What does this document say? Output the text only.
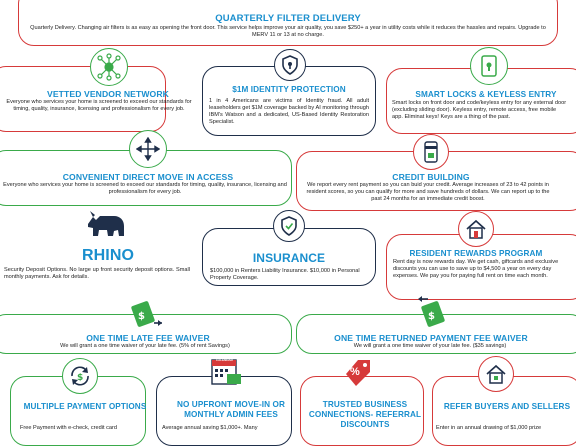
QUARTERLY FILTER DELIVERY
Quarterly Delivery. Changing air filters is as easy as opening the front door. This service helps improve your air quality, you save $250+ a year in utility costs while it reduces the hassles and repairs. Upgrade to MERV 11 or 13 at no charge.
VETTED VENDOR NETWORK
Everyone who services your home is screened to exceed our standards for timing, quality, insurance, licensing and professionalism for every job.
$1M IDENTITY PROTECTION
1 in 4 Americans are victims of Identity fraud. All adult leaseholders get $1M coverage backed by AI monitoring through IBM's Watson and a dedicated, US-Based Identity Restoration Specialist.
SMART LOCKS & KEYLESS ENTRY
Smart locks on front door and code/keyless entry for any external door (excluding sliding door). Keyless entry, remote access, free mobile app. Eliminat keys! Keys are a thing of the past.
CONVENIENT DIRECT MOVE IN ACCESS
Everyone who services your home is screened to exceed our standards for timing, quality, insurance, licensing and professionalism for every job.
CREDIT BUILDING
We report every rent payment so you can buid your credit. Average increases of 23 to 42 points in resident scores, so you can qualify for more and save hundreds of dollars. We can report up to the past 24 months for an immediate credit boost.
RHINO
Security Deposit Options. No large up front security deposit options. Small monthly payments. Ask for details.
INSURANCE
$100,000 in Renters Liability Insurance. $10,000 in Personal Property Coverage.
RESIDENT REWARDS PROGRAM
Rent day is now rewards day. We get cash, giftcards and exclusive discounts you can use to save up to $4,500 a year on every day expenses. We pay you for paying full rent on time each month.
$
ONE TIME LATE FEE WAIVER
We will grant a one time waiver of your late fee. (5% of rent Savings)
$
ONE TIME RETURNED PAYMENT FEE WAIVER
We will grant a one time waiver of your late fee. ($35 savings)
$
MULTIPLE PAYMENT OPTIONS
Free Payment with e-check, credit card
CALENDAR
NO UPFRONT MOVE-IN OR MONTHLY ADMIN FEES
Average annual saving $1,000+. Many
%
TRUSTED BUSINESS CONNECTIONS- REFERRAL DISCOUNTS
REFER BUYERS AND SELLERS
Enter in an annual drawing of $1,000 prize
